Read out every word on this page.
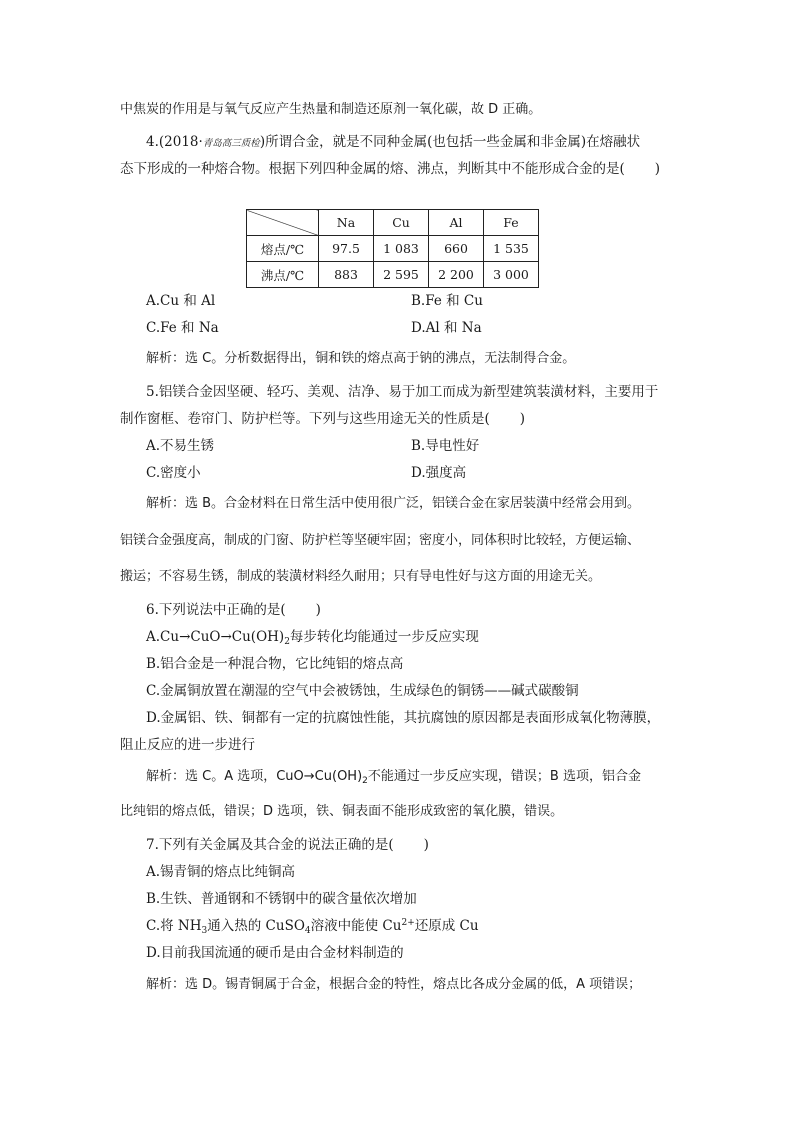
中焦炭的作用是与氧气反应产生热量和制造还原剂一氧化碳，故 D 正确。
4.(2018·青岛高三质检)所谓合金，就是不同种金属(也包括一些金属和非金属)在熔融状
态下形成的一种熔合物。根据下列四种金属的熔、沸点，判断其中不能形成合金的是( )
	Na	Cu	Al	Fe
熔点/℃	97.5	1 083	660	1 535
沸点/℃	883	2 595	2 200	3 000
A.Cu 和 Al	B.Fe 和 Cu
C.Fe 和 Na	D.Al 和 Na
解析：选 C。分析数据得出，铜和铁的熔点高于钠的沸点，无法制得合金。
5.铝镁合金因坚硬、轻巧、美观、洁净、易于加工而成为新型建筑装潢材料，主要用于
制作窗框、卷帘门、防护栏等。下列与这些用途无关的性质是( )
A.不易生锈	B.导电性好
C.密度小	D.强度高
解析：选 B。合金材料在日常生活中使用很广泛，铝镁合金在家居装潢中经常会用到。
铝镁合金强度高，制成的门窗、防护栏等坚硬牢固；密度小，同体积时比较轻，方便运输、
搬运；不容易生锈，制成的装潢材料经久耐用；只有导电性好与这方面的用途无关。
6.下列说法中正确的是( )
$A.Cu\to CuO\to Cu(OH)_2$每步转化均能通过一步反应实现
B.铝合金是一种混合物，它比纯铝的熔点高
C.金属铜放置在潮湿的空气中会被锈蚀，生成绿色的铜锈——碱式碳酸铜
D.金属铝、铁、铜都有一定的抗腐蚀性能，其抗腐蚀的原因都是表面形成氧化物薄膜，
阻止反应的进一步进行
解析：选 C。A 选项，$CuO\to Cu(OH)_2$不能通过一步反应实现，错误；B 选项，铝合金
比纯铝的熔点低，错误；D 选项，铁、铜表面不能形成致密的氧化膜，错误。
7.下列有关金属及其合金的说法正确的是( )
A.锡青铜的熔点比纯铜高
B.生铁、普通钢和不锈钢中的碳含量依次增加
C.将 $NH_3$通入热的 CuSO$_4$溶液中能使 $Cu^{2+}$还原成 Cu
D.目前我国流通的硬币是由合金材料制造的
解析：选 D。锡青铜属于合金，根据合金的特性，熔点比各成分金属的低，A 项错误；
